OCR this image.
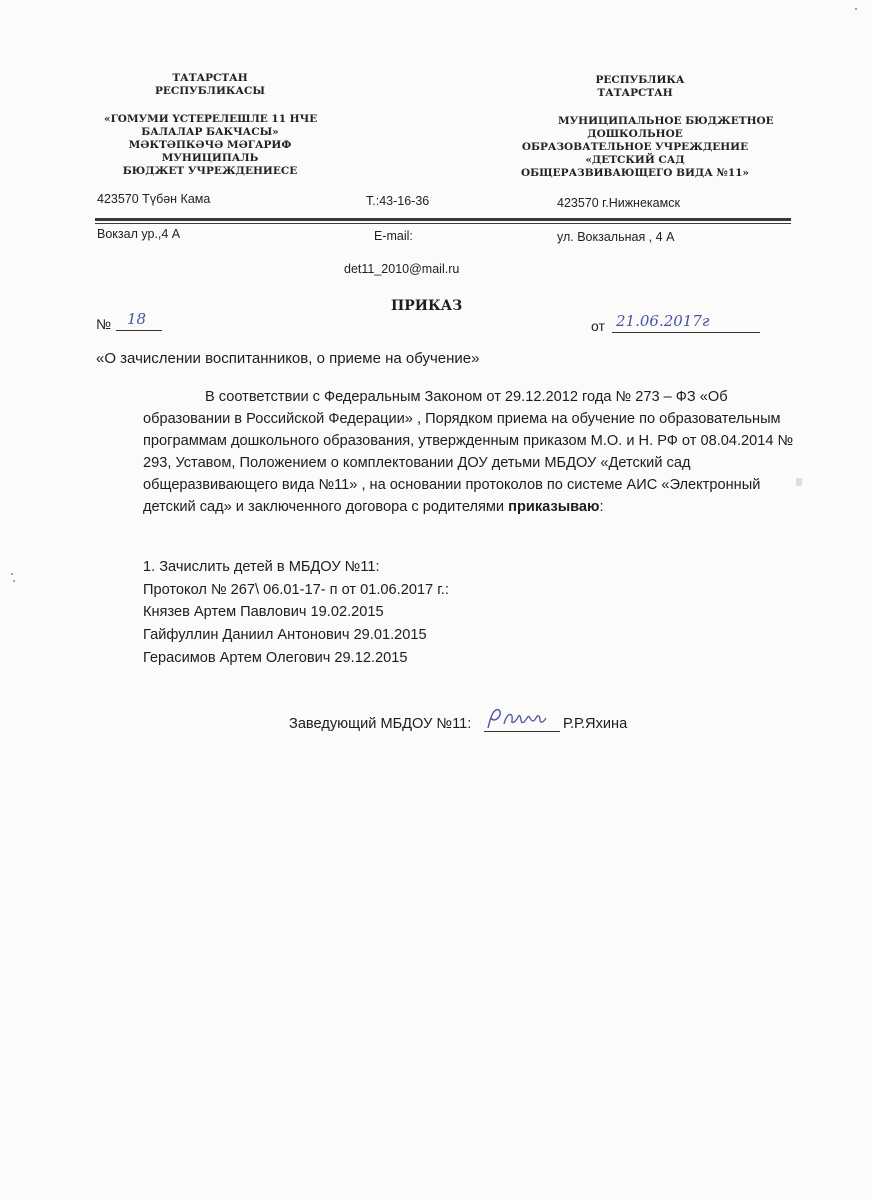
ТАТАРСТАН
РЕСПУБЛИКАСЫ
«ГОМУМИ ҮСТЕРЕЛЕШЛЕ 11 НЧЕ
БАЛАЛАР БАКЧАСЫ»
МӘКТӘПКӘЧӘ МӘГАРИФ
МУНИЦИПАЛЬ
БЮДЖЕТ УЧРЕЖДЕНИЕСЕ
РЕСПУБЛИКА
ТАТАРСТАН
МУНИЦИПАЛЬНОЕ БЮДЖЕТНОЕ
ДОШКОЛЬНОЕ
ОБРАЗОВАТЕЛЬНОЕ УЧРЕЖДЕНИЕ
«ДЕТСКИЙ САД
ОБЩЕРАЗВИВАЮЩЕГО ВИДА №11»
423570 Түбән Кама	Т.:43-16-36	423570 г.Нижнекамск
Вокзал ур.,4 А	E-mail:	ул. Вокзальная , 4 А
det11_2010@mail.ru
ПРИКАЗ
№ 18	от 21.06.2017г
«О зачислении воспитанников, о приеме на обучение»

В соответствии с Федеральным Законом от 29.12.2012 года № 273 – ФЗ «Об образовании в Российской Федерации» , Порядком приема на обучение по образовательным программам дошкольного образования, утвержденным приказом М.О. и Н. РФ от 08.04.2014 № 293, Уставом, Положением о комплектовании ДОУ детьми МБДОУ «Детский сад общеразвивающего вида №11» , на основании протоколов по системе АИС «Электронный детский сад» и заключенного договора с родителями приказываю:

1. Зачислить детей в МБДОУ №11:
Протокол № 267\ 06.01-17- п от 01.06.2017 г.:
Князев Артем Павлович 19.02.2015
Гайфуллин Даниил Антонович 29.01.2015
Герасимов Артем Олегович 29.12.2015
Заведующий МБДОУ №11:	Р.Р.Яхина
